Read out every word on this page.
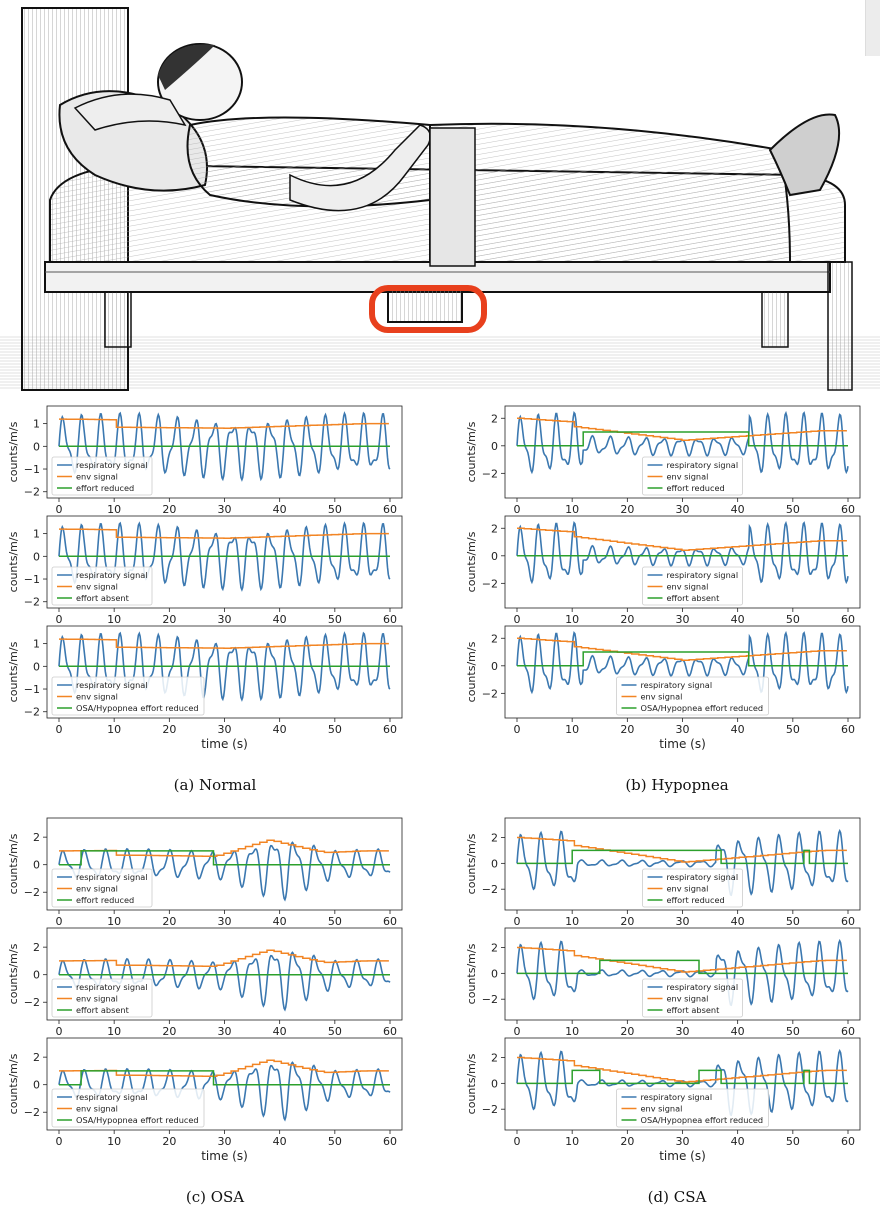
−2
−1
0
1
counts/m/s
0	10	20	30	40	50	60
respiratory signal
env signal
effort reduced
−2
−1
0
1
counts/m/s
0	10	20	30	40	50	60
respiratory signal
env signal
effort absent
−2
−1
0
1
counts/m/s
0	10	20	30	40	50	60
time (s)
respiratory signal
env signal
OSA/Hypopnea effort reduced
−2
0
2
counts/m/s
0	10	20	30	40	50	60
respiratory signal
env signal
effort reduced
−2
0
2
counts/m/s
0	10	20	30	40	50	60
respiratory signal
env signal
effort absent
−2
0
2
counts/m/s
0	10	20	30	40	50	60
time (s)
respiratory signal
env signal
OSA/Hypopnea effort reduced
−2
0
2
counts/m/s
0	10	20	30	40	50	60
respiratory signal
env signal
effort reduced
−2
0
2
counts/m/s
0	10	20	30	40	50	60
respiratory signal
env signal
effort absent
−2
0
2
counts/m/s
0	10	20	30	40	50	60
time (s)
respiratory signal
env signal
OSA/Hypopnea effort reduced
−2
0
2
counts/m/s
0	10	20	30	40	50	60
respiratory signal
env signal
effort reduced
−2
0
2
counts/m/s
0	10	20	30	40	50	60
respiratory signal
env signal
effort absent
−2
0
2
counts/m/s
0	10	20	30	40	50	60
time (s)
respiratory signal
env signal
OSA/Hypopnea effort reduced
(a) Normal	(b) Hypopnea
(c) OSA	(d) CSA
